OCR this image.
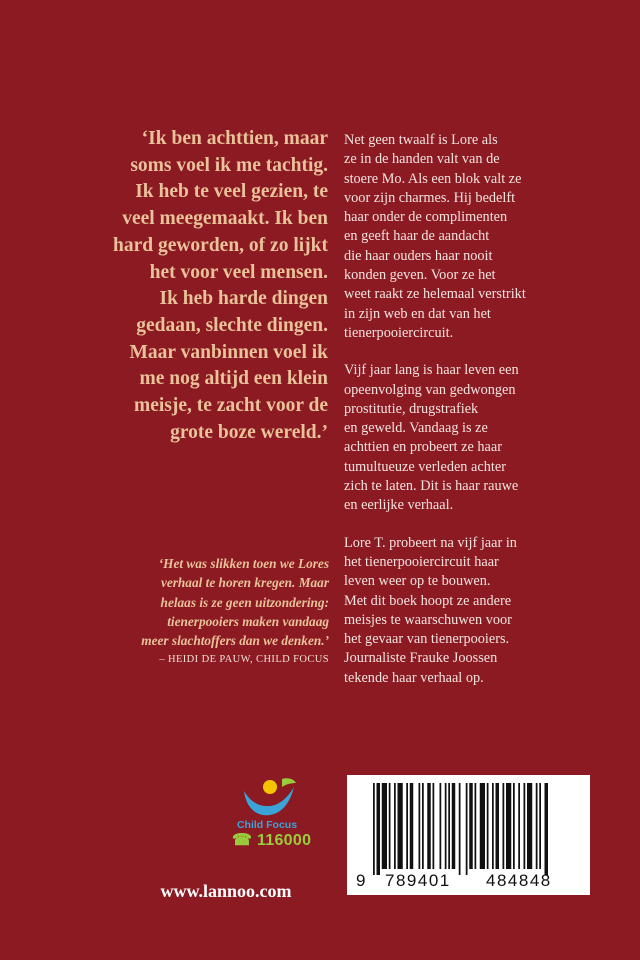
‘Ik ben achttien, maar
soms voel ik me tachtig.
Ik heb te veel gezien, te
veel meegemaakt. Ik ben
hard geworden, of zo lijkt
het voor veel mensen.
Ik heb harde dingen
gedaan, slechte dingen.
Maar vanbinnen voel ik
me nog altijd een klein
meisje, te zacht voor de
grote boze wereld.’

Net geen twaalf is Lore als
ze in de handen valt van de
stoere Mo. Als een blok valt ze
voor zijn charmes. Hij bedelft
haar onder de complimenten
en geeft haar de aandacht
die haar ouders haar nooit
konden geven. Voor ze het
weet raakt ze helemaal verstrikt
in zijn web en dat van het
tienerpooiercircuit.

Vijf jaar lang is haar leven een
opeenvolging van gedwongen
prostitutie, drugstrafiek
en geweld. Vandaag is ze
achttien en probeert ze haar
tumultueuze verleden achter
zich te laten. Dit is haar rauwe
en eerlijke verhaal.

Lore T. probeert na vijf jaar in
het tienerpooiercircuit haar
leven weer op te bouwen.
Met dit boek hoopt ze andere
meisjes te waarschuwen voor
het gevaar van tienerpooiers.
Journaliste Frauke Joossen
tekende haar verhaal op.

‘Het was slikken toen we Lores
verhaal te horen kregen. Maar
helaas is ze geen uitzondering:
tienerpooiers maken vandaag
meer slachtoffers dan we denken.’
– HEIDI DE PAUW, CHILD FOCUS
Child Focus
☎ 116000
www.lannoo.com
9 789401 484848
